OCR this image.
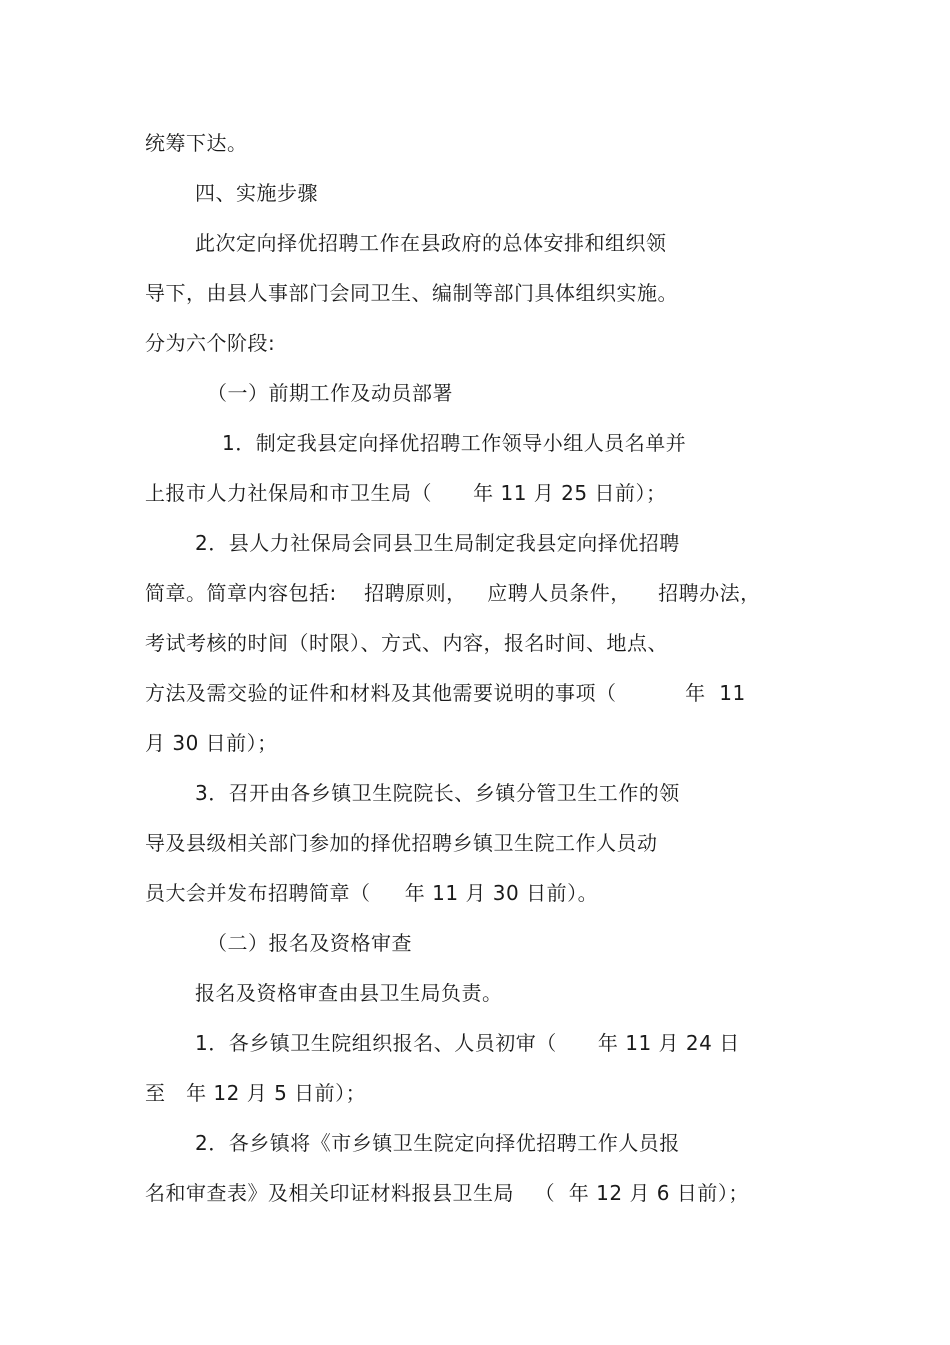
统筹下达。
四、实施步骤
此次定向择优招聘工作在县政府的总体安排和组织领
导下，由县人事部门会同卫生、编制等部门具体组织实施。
分为六个阶段:
（一）前期工作及动员部署
1．制定我县定向择优招聘工作领导小组人员名单并
上报市人力社保局和市卫生局（      年 11 月 25 日前）；
2．县人力社保局会同县卫生局制定我县定向择优招聘
简章。简章内容包括:    招聘原则，   应聘人员条件，    招聘办法，
考试考核的时间（时限）、方式、内容，报名时间、地点、
方法及需交验的证件和材料及其他需要说明的事项（          年  11
月 30 日前）；
3．召开由各乡镇卫生院院长、乡镇分管卫生工作的领
导及县级相关部门参加的择优招聘乡镇卫生院工作人员动
员大会并发布招聘简章（     年 11 月 30 日前）。
（二）报名及资格审查
报名及资格审查由县卫生局负责。
1．各乡镇卫生院组织报名、人员初审（      年 11 月 24 日
至   年 12 月 5 日前）；
2．各乡镇将《市乡镇卫生院定向择优招聘工作人员报
名和审查表》及相关印证材料报县卫生局   （  年 12 月 6 日前）；
